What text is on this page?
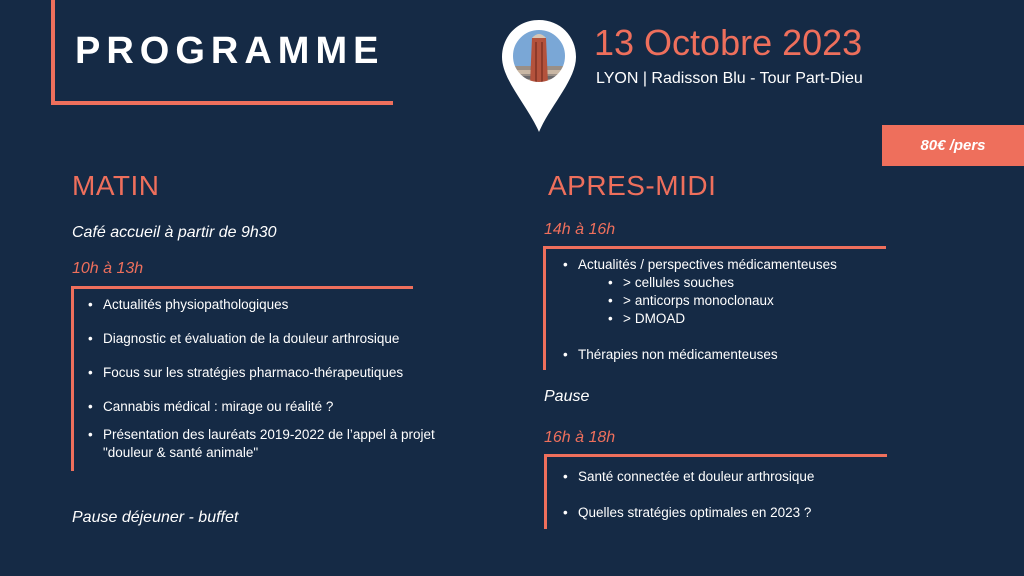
PROGRAMME	13 Octobre 2023
LYON | Radisson Blu - Tour Part-Dieu
80€ /pers
MATIN
Café accueil à partir de 9h30
10h à 13h
• Actualités physiopathologiques
• Diagnostic et évaluation de la douleur arthrosique
• Focus sur les stratégies pharmaco-thérapeutiques
• Cannabis médical : mirage ou réalité ?
• Présentation des lauréats 2019-2022 de l’appel à projet
"douleur & santé animale"
Pause déjeuner - buffet
APRES-MIDI
14h à 16h
• Actualités / perspectives médicamenteuses
• > cellules souches
• > anticorps monoclonaux
• > DMOAD
• Thérapies non médicamenteuses
Pause
16h à 18h
• Santé connectée et douleur arthrosique
• Quelles stratégies optimales en 2023 ?
